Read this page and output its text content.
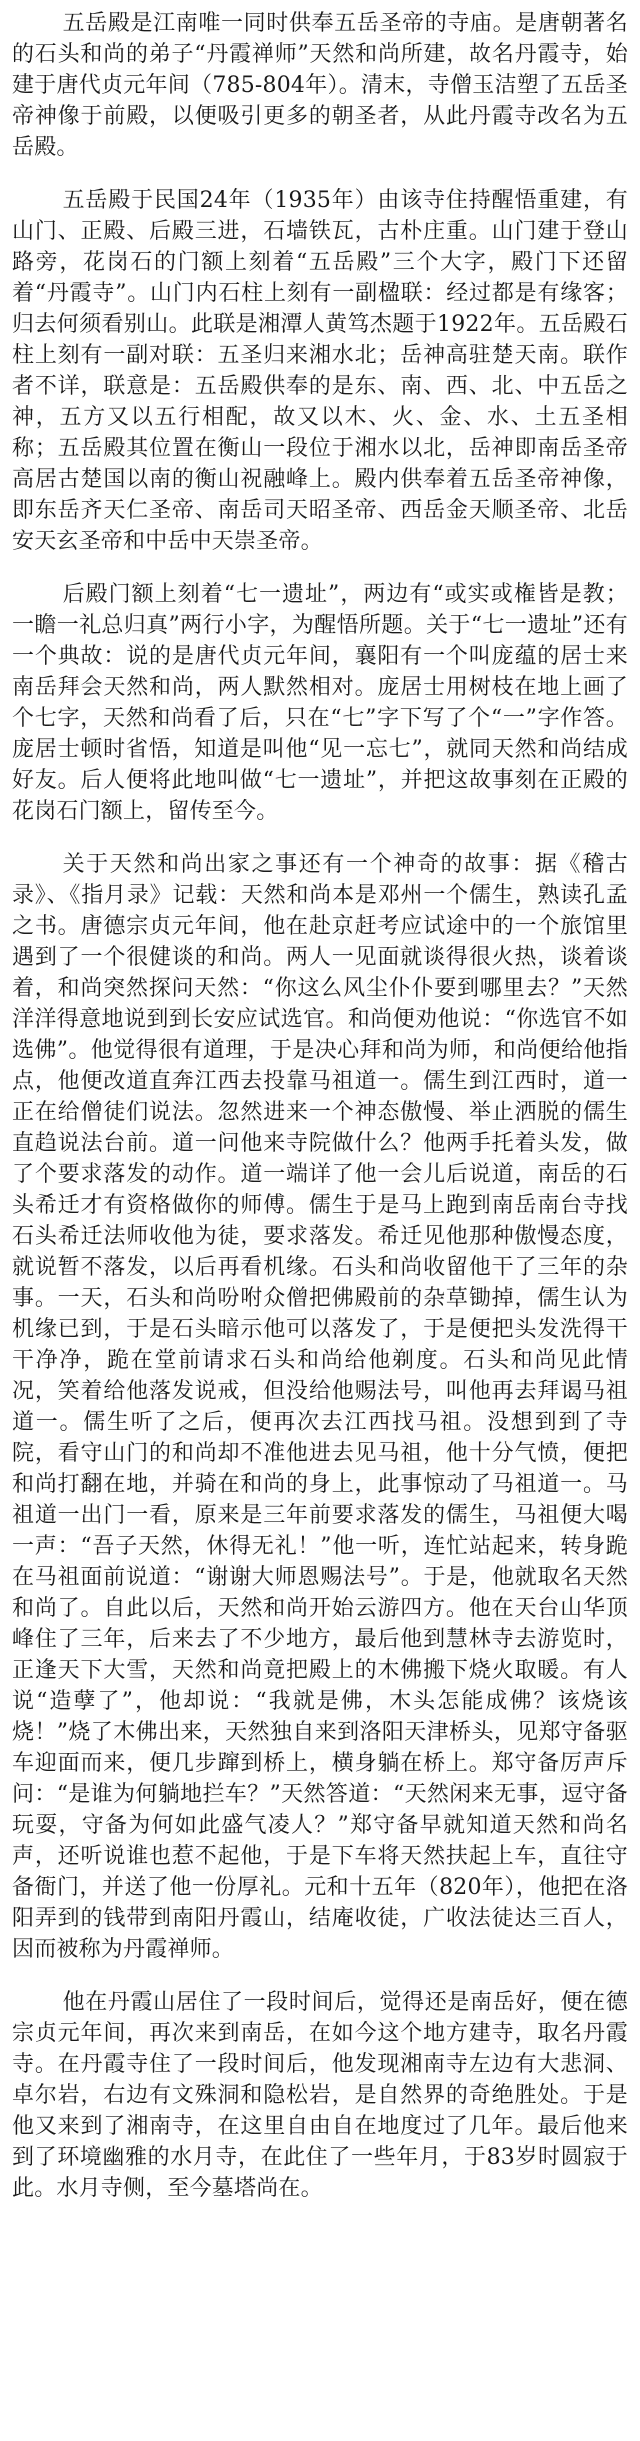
五岳殿是江南唯一同时供奉五岳圣帝的寺庙。是唐朝著名的石头和尚的弟子“丹霞禅师”天然和尚所建，故名丹霞寺，始建于唐代贞元年间（785-804年）。清末，寺僧玉洁塑了五岳圣帝神像于前殿，以便吸引更多的朝圣者，从此丹霞寺改名为五岳殿。

五岳殿于民国24年（1935年）由该寺住持醒悟重建，有山门、正殿、后殿三进，石墙铁瓦，古朴庄重。山门建于登山路旁，花岗石的门额上刻着“五岳殿”三个大字，殿门下还留着“丹霞寺”。山门内石柱上刻有一副楹联：经过都是有缘客；归去何须看别山。此联是湘潭人黄笃杰题于1922年。五岳殿石柱上刻有一副对联：五圣归来湘水北；岳神高驻楚天南。联作者不详，联意是：五岳殿供奉的是东、南、西、北、中五岳之神，五方又以五行相配，故又以木、火、金、水、土五圣相称；五岳殿其位置在衡山一段位于湘水以北，岳神即南岳圣帝高居古楚国以南的衡山祝融峰上。殿内供奉着五岳圣帝神像，即东岳齐天仁圣帝、南岳司天昭圣帝、西岳金天顺圣帝、北岳安天玄圣帝和中岳中天崇圣帝。

后殿门额上刻着“七一遗址”，两边有“或实或権皆是教；一瞻一礼总归真”两行小字，为醒悟所题。关于“七一遗址”还有一个典故：说的是唐代贞元年间，襄阳有一个叫庞蕴的居士来南岳拜会天然和尚，两人默然相对。庞居士用树枝在地上画了个七字，天然和尚看了后，只在“七”字下写了个“一”字作答。庞居士顿时省悟，知道是叫他“见一忘七”，就同天然和尚结成好友。后人便将此地叫做“七一遗址”，并把这故事刻在正殿的花岗石门额上，留传至今。

关于天然和尚出家之事还有一个神奇的故事：据《稽古录》、《指月录》记载：天然和尚本是邓州一个儒生，熟读孔孟之书。唐德宗贞元年间，他在赴京赶考应试途中的一个旅馆里遇到了一个很健谈的和尚。两人一见面就谈得很火热，谈着谈着，和尚突然探问天然：“你这么风尘仆仆要到哪里去？”天然洋洋得意地说到到长安应试选官。和尚便劝他说：“你选官不如选佛”。他觉得很有道理，于是决心拜和尚为师，和尚便给他指点，他便改道直奔江西去投靠马祖道一。儒生到江西时，道一正在给僧徒们说法。忽然进来一个神态傲慢、举止洒脱的儒生直趋说法台前。道一问他来寺院做什么？他两手托着头发，做了个要求落发的动作。道一端详了他一会儿后说道，南岳的石头希迁才有资格做你的师傅。儒生于是马上跑到南岳南台寺找石头希迁法师收他为徒，要求落发。希迁见他那种傲慢态度，就说暂不落发，以后再看机缘。石头和尚收留他干了三年的杂事。一天，石头和尚吩咐众僧把佛殿前的杂草锄掉，儒生认为机缘已到，于是石头暗示他可以落发了，于是便把头发洗得干干净净，跪在堂前请求石头和尚给他剃度。石头和尚见此情况，笑着给他落发说戒，但没给他赐法号，叫他再去拜谒马祖道一。儒生听了之后，便再次去江西找马祖。没想到到了寺院，看守山门的和尚却不准他进去见马祖，他十分气愤，便把和尚打翻在地，并骑在和尚的身上，此事惊动了马祖道一。马祖道一出门一看，原来是三年前要求落发的儒生，马祖便大喝一声：“吾子天然，休得无礼！”他一听，连忙站起来，转身跪在马祖面前说道：“谢谢大师恩赐法号”。于是，他就取名天然和尚了。自此以后，天然和尚开始云游四方。他在天台山华顶峰住了三年，后来去了不少地方，最后他到慧林寺去游览时，正逢天下大雪，天然和尚竟把殿上的木佛搬下烧火取暖。有人说“造孽了”，他却说：“我就是佛，木头怎能成佛？该烧该烧！”烧了木佛出来，天然独自来到洛阳天津桥头，见郑守备驱车迎面而来，便几步蹿到桥上，横身躺在桥上。郑守备厉声斥问：“是谁为何躺地拦车？”天然答道：“天然闲来无事，逗守备玩耍，守备为何如此盛气凌人？”郑守备早就知道天然和尚名声，还听说谁也惹不起他，于是下车将天然扶起上车，直往守备衙门，并送了他一份厚礼。元和十五年（820年），他把在洛阳弄到的钱带到南阳丹霞山，结庵收徒，广收法徒达三百人，因而被称为丹霞禅师。

他在丹霞山居住了一段时间后，觉得还是南岳好，便在德宗贞元年间，再次来到南岳，在如今这个地方建寺，取名丹霞寺。在丹霞寺住了一段时间后，他发现湘南寺左边有大悲洞、卓尔岩，右边有文殊洞和隐松岩，是自然界的奇绝胜处。于是他又来到了湘南寺，在这里自由自在地度过了几年。最后他来到了环境幽雅的水月寺，在此住了一些年月，于83岁时圆寂于此。水月寺侧，至今墓塔尚在。
